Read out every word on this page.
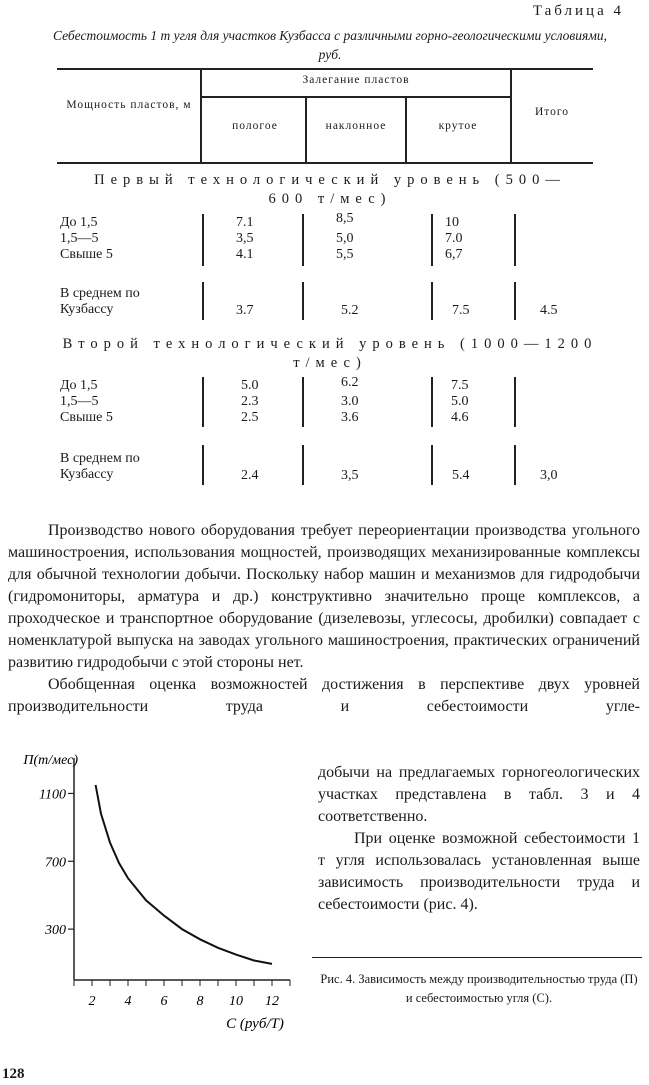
Таблица 4
Себестоимость 1 т угля для участков Кузбасса с различными горно-геологическими условиями, руб.
Мощность пластов, м
Залегание пластов
пологое	наклонное	крутое
Итого
Первый технологический уровень (500—600 т/мес)
До 1,5	7.1	8,5	10
1,5—5	3,5	5,0	7.0
Свыше 5	4.1	5,5	6,7
В среднем по Кузбассу	3.7	5.2	7.5	4.5
Второй технологический уровень (1000—1200 т/мес)
До 1,5	5.0	6.2	7.5
1,5—5	2.3	3.0	5.0
Свыше 5	2.5	3.6	4.6
В среднем по Кузбассу	2.4	3,5	5.4	3,0

Производство нового оборудования требует переориентации производства угольного машиностроения, использования мощностей, производящих механизированные комплексы для обычной технологии добычи. Поскольку набор машин и механизмов для гидродобычи (гидромониторы, арматура и др.) конструктивно значительно проще комплексов, а проходческое и транспортное оборудование (дизелевозы, углесосы, дробилки) совпадает с номенклатурой выпуска на заводах угольного машиностроения, практических ограничений развитию гидродобычи с этой стороны нет.

Обобщенная оценка возможностей достижения в перспективе двух уровней производительности труда и себестоимости угле-

добычи на предлагаемых горногеологических участках представлена в табл. 3 и 4 соответственно.

При оценке возможной себестоимости 1 т угля использовалась установленная выше зависимость производительности труда и себестоимости (рис. 4).

1100
700
300
2 4 6 8 10 12
П(т/мес)
С (руб/Т)
Рис. 4. Зависимость между производительностью труда (П) и себестоимостью угля (С).
128
